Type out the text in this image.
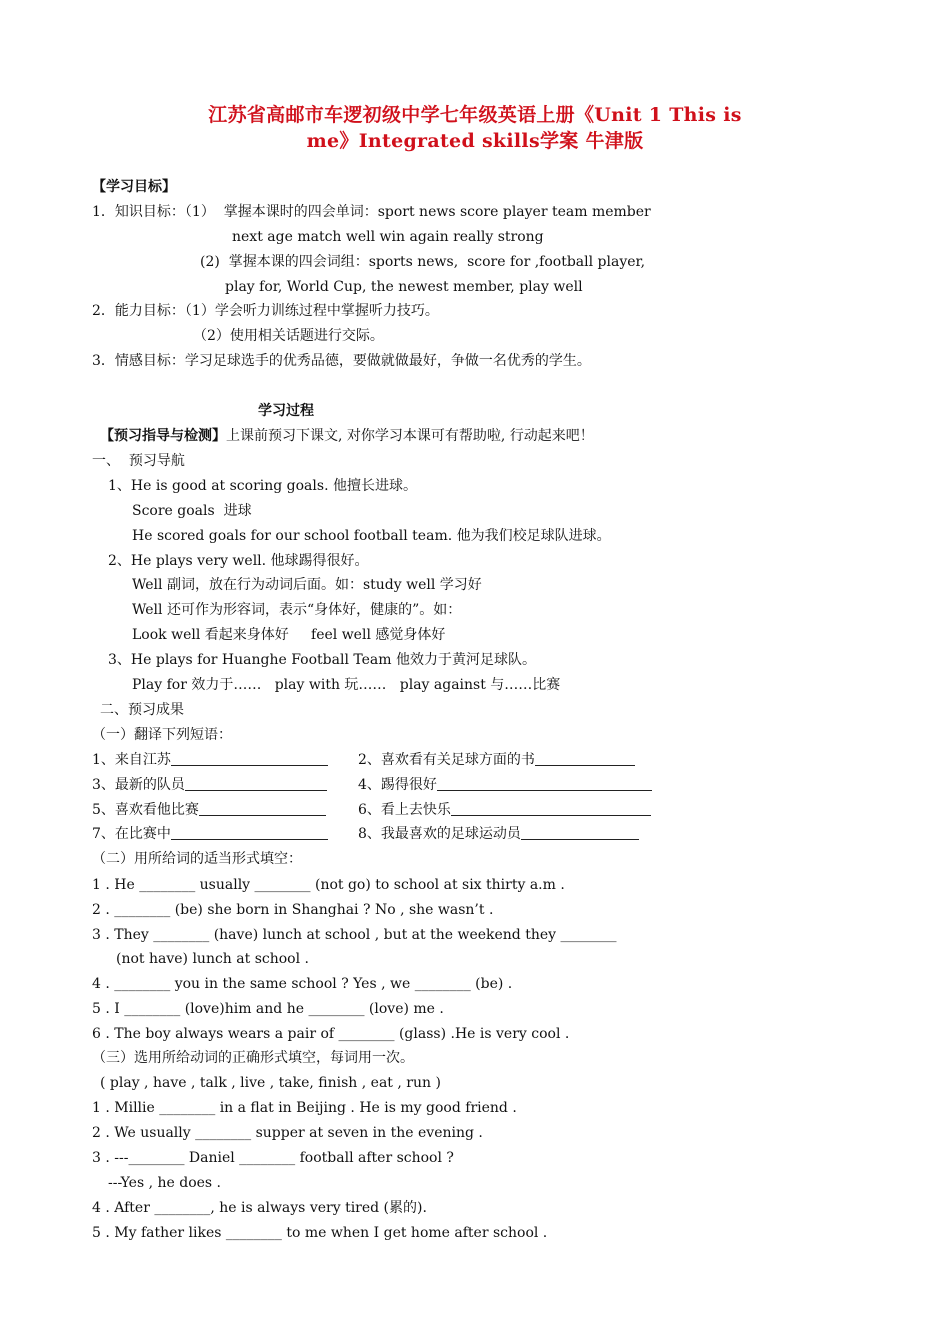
江苏省高邮市车逻初级中学七年级英语上册《Unit 1 This is
me》Integrated skills学案 牛津版
【学习目标】
1．知识目标：（1）  掌握本课时的四会单词：sport news score player team member
next age match well win again really strong
(2)  掌握本课的四会词组：sports news,  score for ,football player,
play for, World Cup, the newest member, play well
2．能力目标：（1）学会听力训练过程中掌握听力技巧。
（2）使用相关话题进行交际。
3．情感目标：学习足球选手的优秀品德，要做就做最好，争做一名优秀的学生。
学习过程
【预习指导与检测】上课前预习下课文, 对你学习本课可有帮助啦, 行动起来吧！
一、  预习导航
1、He is good at scoring goals. 他擅长进球。
Score goals  进球
He scored goals for our school football team. 他为我们校足球队进球。
2、He plays very well. 他球踢得很好。
Well 副词，放在行为动词后面。如：study well 学习好
Well 还可作为形容词，表示“身体好，健康的”。如：
Look well 看起来身体好     feel well 感觉身体好
3、He plays for Huanghe Football Team 他效力于黄河足球队。
Play for 效力于……   play with 玩……   play against 与……比赛
二、预习成果
（一）翻译下列短语：
1、来自江苏	2、喜欢看有关足球方面的书
3、最新的队员	4、踢得很好
5、喜欢看他比赛	6、看上去快乐
7、在比赛中	8、我最喜欢的足球运动员
（二）用所给词的适当形式填空：
1 . He ________ usually ________ (not go) to school at six thirty a.m .
2 . ________ (be) she born in Shanghai ? No , she wasn’t .
3 . They ________ (have) lunch at school , but at the weekend they ________
(not have) lunch at school .
4 . ________ you in the same school ? Yes , we ________ (be) .
5 . I ________ (love)him and he ________ (love) me .
6 . The boy always wears a pair of ________ (glass) .He is very cool .
（三）选用所给动词的正确形式填空，每词用一次。
( play , have , talk , live , take, finish , eat , run )
1 . Millie ________ in a flat in Beijing . He is my good friend .
2 . We usually ________ supper at seven in the evening .
3 . ---________ Daniel ________ football after school ?
---Yes , he does .
4 . After ________, he is always very tired (累的).
5 . My father likes ________ to me when I get home after school .
